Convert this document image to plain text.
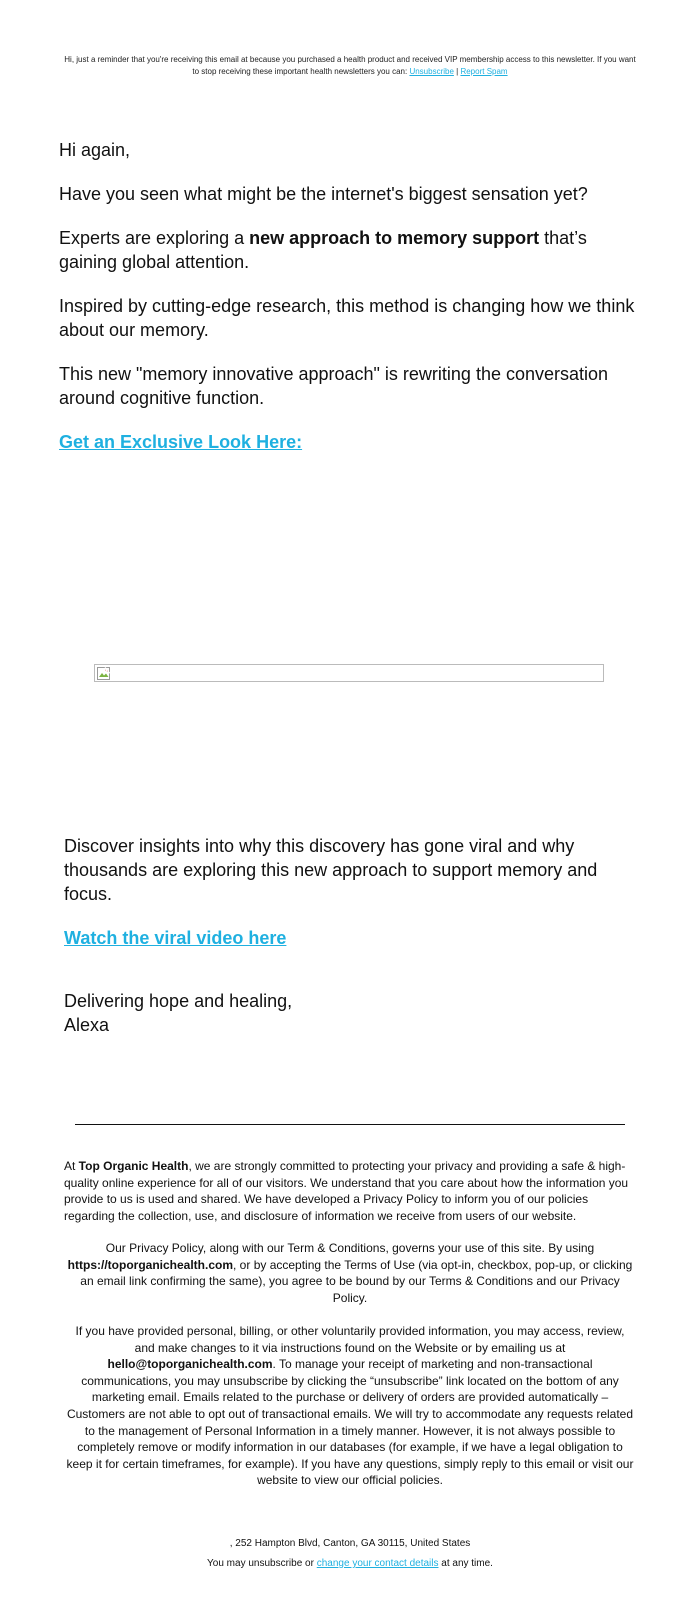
Hi, just a reminder that you're receiving this email at because you purchased a health product and received VIP membership access to this newsletter. If you want to stop receiving these important health newsletters you can: Unsubscribe | Report Spam

Hi again,

Have you seen what might be the internet's biggest sensation yet?

Experts are exploring a new approach to memory support that’s gaining global attention.

Inspired by cutting-edge research, this method is changing how we think about our memory.

This new "memory innovative approach" is rewriting the conversation around cognitive function.

Get an Exclusive Look Here:

Discover insights into why this discovery has gone viral and why thousands are exploring this new approach to support memory and focus.

Watch the viral video here

Delivering hope and healing,

Alexa

At Top Organic Health, we are strongly committed to protecting your privacy and providing a safe & high-quality online experience for all of our visitors. We understand that you care about how the information you provide to us is used and shared. We have developed a Privacy Policy to inform you of our policies regarding the collection, use, and disclosure of information we receive from users of our website.

Our Privacy Policy, along with our Term & Conditions, governs your use of this site. By using https://toporganichealth.com, or by accepting the Terms of Use (via opt-in, checkbox, pop-up, or clicking an email link confirming the same), you agree to be bound by our Terms & Conditions and our Privacy Policy.

If you have provided personal, billing, or other voluntarily provided information, you may access, review, and make changes to it via instructions found on the Website or by emailing us at hello@toporganichealth.com. To manage your receipt of marketing and non-transactional communications, you may unsubscribe by clicking the “unsubscribe” link located on the bottom of any marketing email. Emails related to the purchase or delivery of orders are provided automatically – Customers are not able to opt out of transactional emails. We will try to accommodate any requests related to the management of Personal Information in a timely manner. However, it is not always possible to completely remove or modify information in our databases (for example, if we have a legal obligation to keep it for certain timeframes, for example). If you have any questions, simply reply to this email or visit our website to view our official policies.

, 252 Hampton Blvd, Canton, GA 30115, United States
You may unsubscribe or change your contact details at any time.
